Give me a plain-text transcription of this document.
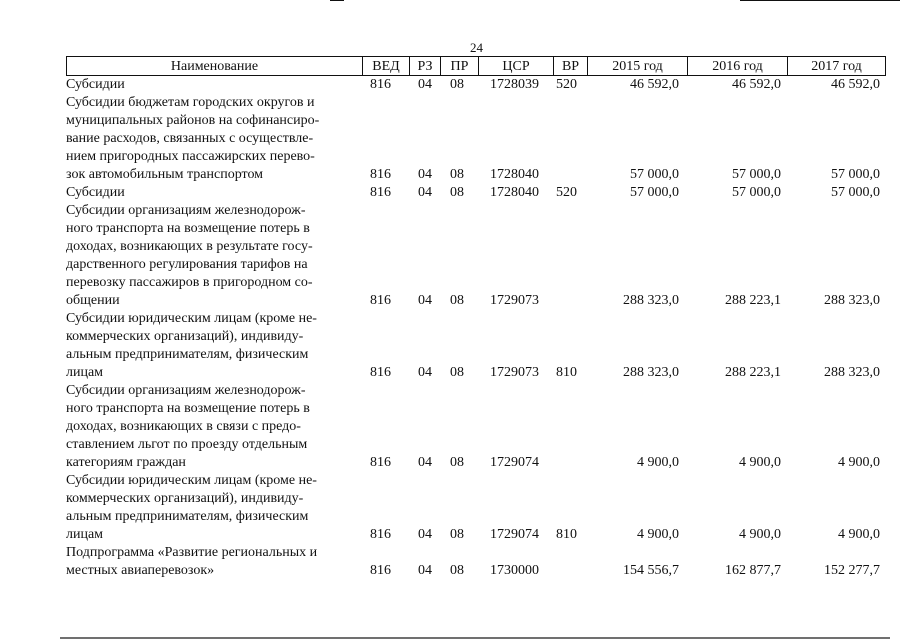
24
Наименование	ВЕД	РЗ	ПР	ЦСР	ВР	2015 год	2016 год	2017 год
Субсидии	816 04 08 1728039 520	46 592,0	46 592,0	46 592,0
Субсидии бюджетам городских округов и
муниципальных районов на софинансиро-
вание расходов, связанных с осуществле-
нием пригородных пассажирских перево-
зок автомобильным транспортом	816 04 08 1728040	57 000,0	57 000,0	57 000,0
Субсидии	816 04 08 1728040 520	57 000,0	57 000,0	57 000,0
Субсидии организациям железнодорож-
ного транспорта на возмещение потерь в
доходах, возникающих в результате госу-
дарственного регулирования тарифов на
перевозку пассажиров в пригородном со-
общении	816 04 08 1729073	288 323,0	288 223,1	288 323,0
Субсидии юридическим лицам (кроме не-
коммерческих организаций), индивиду-
альным предпринимателям, физическим
лицам	816 04 08 1729073 810	288 323,0	288 223,1	288 323,0
Субсидии организациям железнодорож-
ного транспорта на возмещение потерь в
доходах, возникающих в связи с предо-
ставлением льгот по проезду отдельным
категориям граждан	816 04 08 1729074	4 900,0	4 900,0	4 900,0
Субсидии юридическим лицам (кроме не-
коммерческих организаций), индивиду-
альным предпринимателям, физическим
лицам	816 04 08 1729074 810	4 900,0	4 900,0	4 900,0
Подпрограмма «Развитие региональных и
местных авиаперевозок»	816 04 08 1730000	154 556,7	162 877,7	152 277,7
